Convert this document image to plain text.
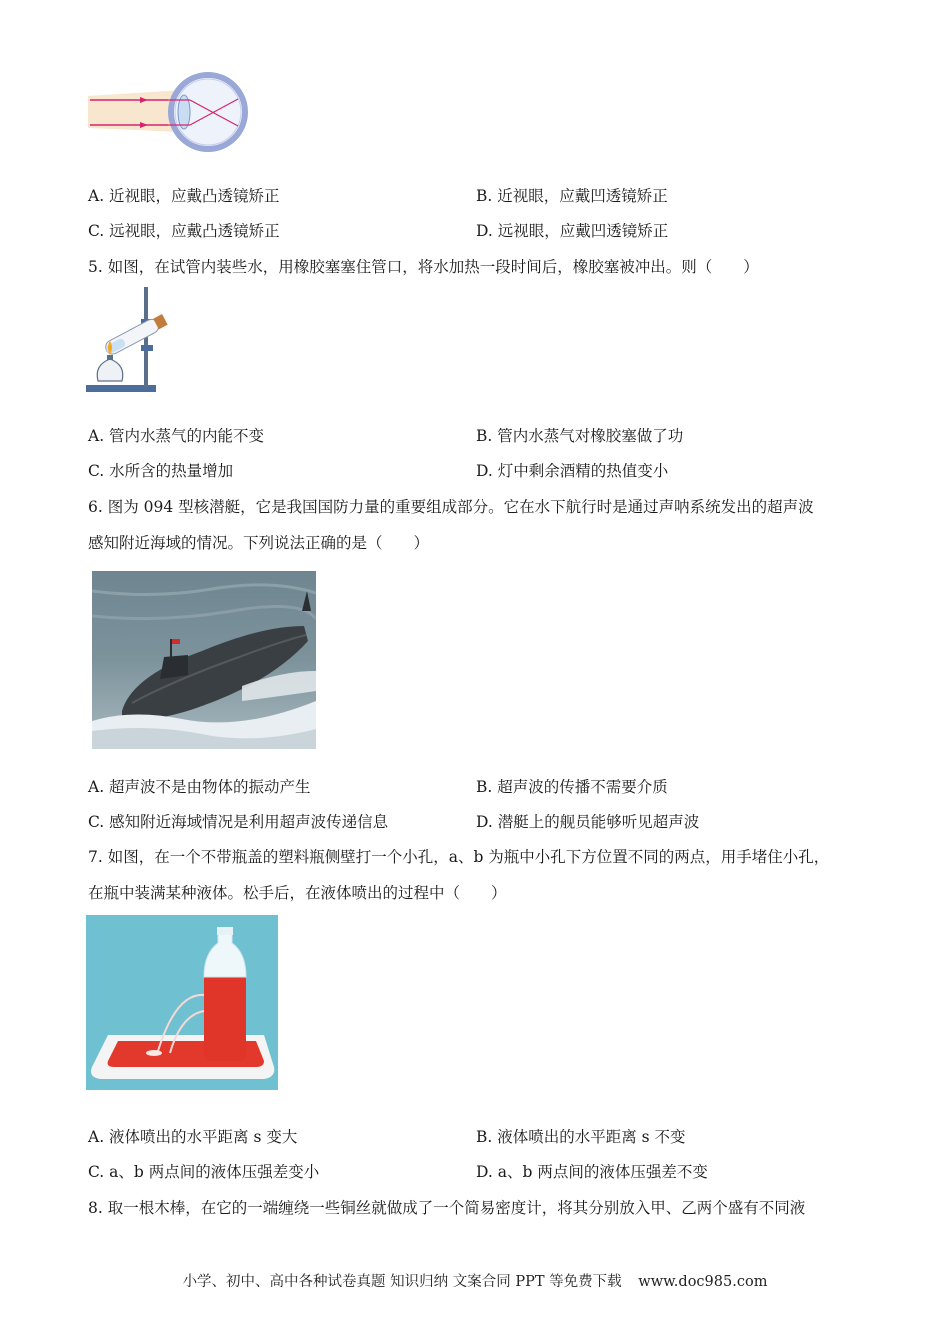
A. 近视眼，应戴凸透镜矫正	B. 近视眼，应戴凹透镜矫正
C. 远视眼，应戴凸透镜矫正	D. 远视眼，应戴凹透镜矫正
5. 如图，在试管内装些水，用橡胶塞塞住管口，将水加热一段时间后，橡胶塞被冲出。则（　　）
A. 管内水蒸气的内能不变	B. 管内水蒸气对橡胶塞做了功
C. 水所含的热量增加	D. 灯中剩余酒精的热值变小
6. 图为 094 型核潜艇，它是我国国防力量的重要组成部分。它在水下航行时是通过声呐系统发出的超声波
感知附近海域的情况。下列说法正确的是（　　）
A. 超声波不是由物体的振动产生	B. 超声波的传播不需要介质
C. 感知附近海域情况是利用超声波传递信息	D. 潜艇上的舰员能够听见超声波
7. 如图，在一个不带瓶盖的塑料瓶侧壁打一个小孔，a、b 为瓶中小孔下方位置不同的两点，用手堵住小孔，
在瓶中装满某种液体。松手后，在液体喷出的过程中（　　）
A. 液体喷出的水平距离 s 变大	B. 液体喷出的水平距离 s 不变
C. a、b 两点间的液体压强差变小	D. a、b 两点间的液体压强差不变
8. 取一根木棒，在它的一端缠绕一些铜丝就做成了一个简易密度计，将其分别放入甲、乙两个盛有不同液
小学、初中、高中各种试卷真题 知识归纳 文案合同 PPT 等免费下载 www.doc985.com
